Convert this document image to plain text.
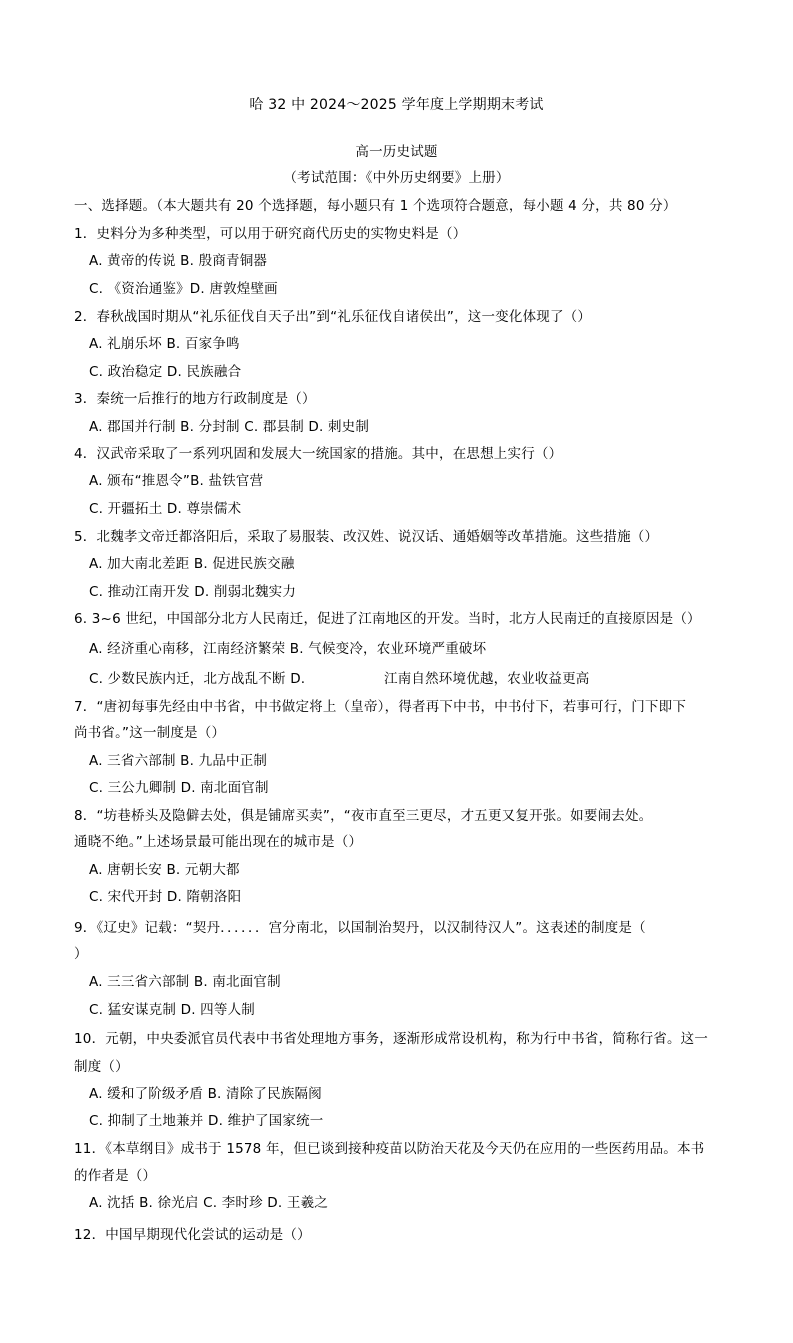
哈 32 中 2024～2025 学年度上学期期末考试
高一历史试题
（考试范围：《中外历史纲要》上册）
一、选择题。（本大题共有 20 个选择题，每小题只有 1 个选项符合题意，每小题 4 分，共 80 分）
1．史料分为多种类型，可以用于研究商代历史的实物史料是（）
A. 黄帝的传说 B. 殷商青铜器
C. 《资治通鉴》D. 唐敦煌壁画
2．春秋战国时期从“礼乐征伐自天子出”到“礼乐征伐自诸侯出”，这一变化体现了（）
A. 礼崩乐坏 B. 百家争鸣
C. 政治稳定 D. 民族融合
3．秦统一后推行的地方行政制度是（）
A. 郡国并行制 B. 分封制 C. 郡县制 D. 刺史制
4．汉武帝采取了一系列巩固和发展大一统国家的措施。其中，在思想上实行（）
A. 颁布“推恩令”B. 盐铁官营
C. 开疆拓土 D. 尊崇儒术
5．北魏孝文帝迁都洛阳后，采取了易服装、改汉姓、说汉话、通婚姻等改革措施。这些措施（）
A. 加大南北差距 B. 促进民族交融
C. 推动江南开发 D. 削弱北魏实力
6. 3~6 世纪，中国部分北方人民南迁，促进了江南地区的开发。当时，北方人民南迁的直接原因是（）
A. 经济重心南移，江南经济繁荣 B. 气候变冷，农业环境严重破坏
C. 少数民族内迁，北方战乱不断 D.	江南自然环境优越，农业收益更高
7．“唐初每事先经由中书省，中书做定将上（皇帝），得者再下中书，中书付下，若事可行，门下即下
尚书省。”这一制度是（）
A. 三省六部制 B. 九品中正制
C. 三公九卿制 D. 南北面官制
8．“坊巷桥头及隐僻去处，俱是铺席买卖”，“夜市直至三更尽，才五更又复开张。如要闹去处。
通晓不绝。”上述场景最可能出现在的城市是（）
A. 唐朝长安 B. 元朝大都
C. 宋代开封 D. 隋朝洛阳
9．《辽史》记载：“契丹．．．．．．宫分南北，以国制治契丹，以汉制待汉人”。这表述的制度是（
）
A. 三三省六部制 B. 南北面官制
C. 猛安谋克制 D. 四等人制
10．元朝，中央委派官员代表中书省处理地方事务，逐渐形成常设机构，称为行中书省，简称行省。这一
制度（）
A. 缓和了阶级矛盾 B. 清除了民族隔阂
C. 抑制了土地兼并 D. 维护了国家统一
11．《本草纲目》成书于 1578 年，但已谈到接种疫苗以防治天花及今天仍在应用的一些医药用品。本书
的作者是（）
A. 沈括 B. 徐光启 C. 李时珍 D. 王羲之
12．中国早期现代化尝试的运动是（）
